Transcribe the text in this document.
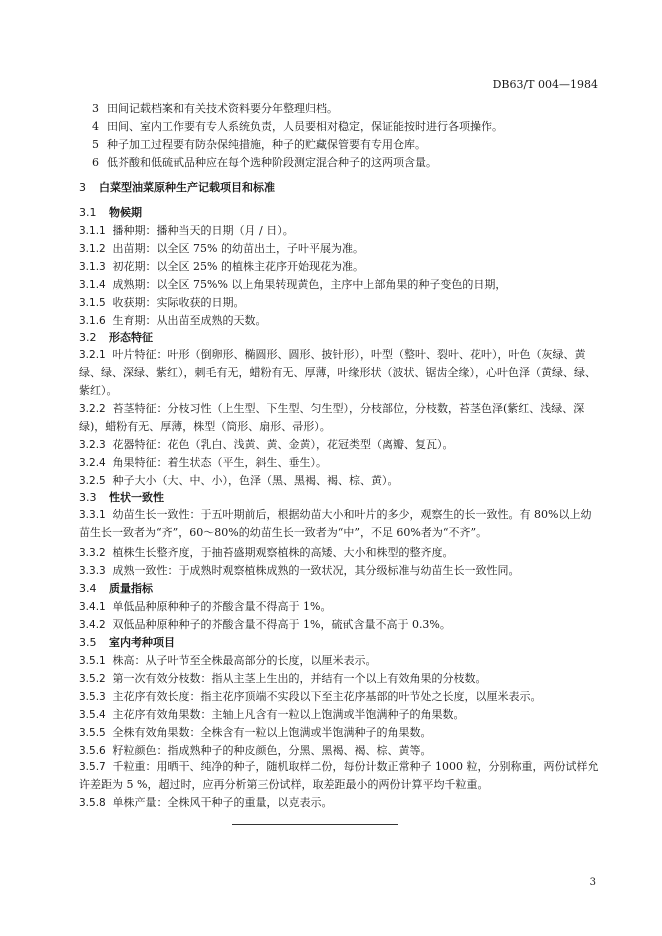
DB63/T 004—1984
3 田间记载档案和有关技术资料要分年整理归档。
4 田间、室内工作要有专人系统负责，人员要相对稳定，保证能按时进行各项操作。
5 种子加工过程要有防杂保纯措施，种子的贮藏保管要有专用仓库。
6 低芥酸和低硫甙品种应在每个选种阶段测定混合种子的这两项含量。
3 白菜型油菜原种生产记载项目和标准
3.1 物候期
3.1.1 播种期：播种当天的日期（月 / 日）。
3.1.2 出苗期：以全区 75% 的幼苗出土，子叶平展为准。
3.1.3 初花期：以全区 25% 的植株主花序开始现花为准。
3.1.4 成熟期：以全区 75%% 以上角果转现黄色，主序中上部角果的种子变色的日期，
3.1.5 收获期：实际收获的日期。
3.1.6 生育期：从出苗至成熟的天数。
3.2 形态特征
3.2.1 叶片特征：叶形（倒卵形、椭圆形、圆形、披针形），叶型（整叶、裂叶、花叶），叶色（灰绿、黄绿、绿、深绿、紫红），刺毛有无，蜡粉有无、厚薄，叶缘形状（波状、锯齿全缘），心叶色泽（黄绿、绿、紫红）。
3.2.2 苔茎特征：分枝习性（上生型、下生型、匀生型），分枝部位，分枝数，苔茎色泽(紫红、浅绿、深绿)，蜡粉有无、厚薄，株型（筒形、扇形、帚形）。
3.2.3 花器特征：花色（乳白、浅黄、黄、金黄），花冠类型（离瓣、复瓦）。
3.2.4 角果特征：着生状态（平生，斜生、垂生）。
3.2.5 种子大小（大、中、小），色泽（黑、黑褐、褐、棕、黄）。
3.3 性状一致性
3.3.1 幼苗生长一致性：于五叶期前后，根据幼苗大小和叶片的多少，观察生的长一致性。有 80%以上幼苗生长一致者为“齐”，60～80%的幼苗生长一致者为“中”，不足 60%者为“不齐”。
3.3.2 植株生长整齐度，于抽苔盛期观察植株的高矮、大小和株型的整齐度。
3.3.3 成熟一致性：于成熟时观察植株成熟的一致状况，其分级标准与幼苗生长一致性同。
3.4 质量指标
3.4.1 单低品种原种种子的芥酸含量不得高于 1%。
3.4.2 双低品种原种种子的芥酸含量不得高于 1%，硫甙含量不高于 0.3%。
3.5 室内考种项目
3.5.1 株高：从子叶节至全株最高部分的长度，以厘米表示。
3.5.2 第一次有效分枝数：指从主茎上生出的，并结有一个以上有效角果的分枝数。
3.5.3 主花序有效长度：指主花序顶端不实段以下至主花序基部的叶节处之长度，以厘米表示。
3.5.4 主花序有效角果数：主轴上凡含有一粒以上饱满或半饱满种子的角果数。
3.5.5 全株有效角果数：全株含有一粒以上饱满或半饱满种子的角果数。
3.5.6 籽粒颜色：指成熟种子的种皮颜色，分黑、黑褐、褐、棕、黄等。
3.5.7 千粒重：用晒干、纯净的种子，随机取样二份，每份计数正常种子 1000 粒，分别称重，两份试样允许差距为 5 %，超过时，应再分析第三份试样，取差距最小的两份计算平均千粒重。
3.5.8 单株产量：全株风干种子的重量，以克表示。
3
